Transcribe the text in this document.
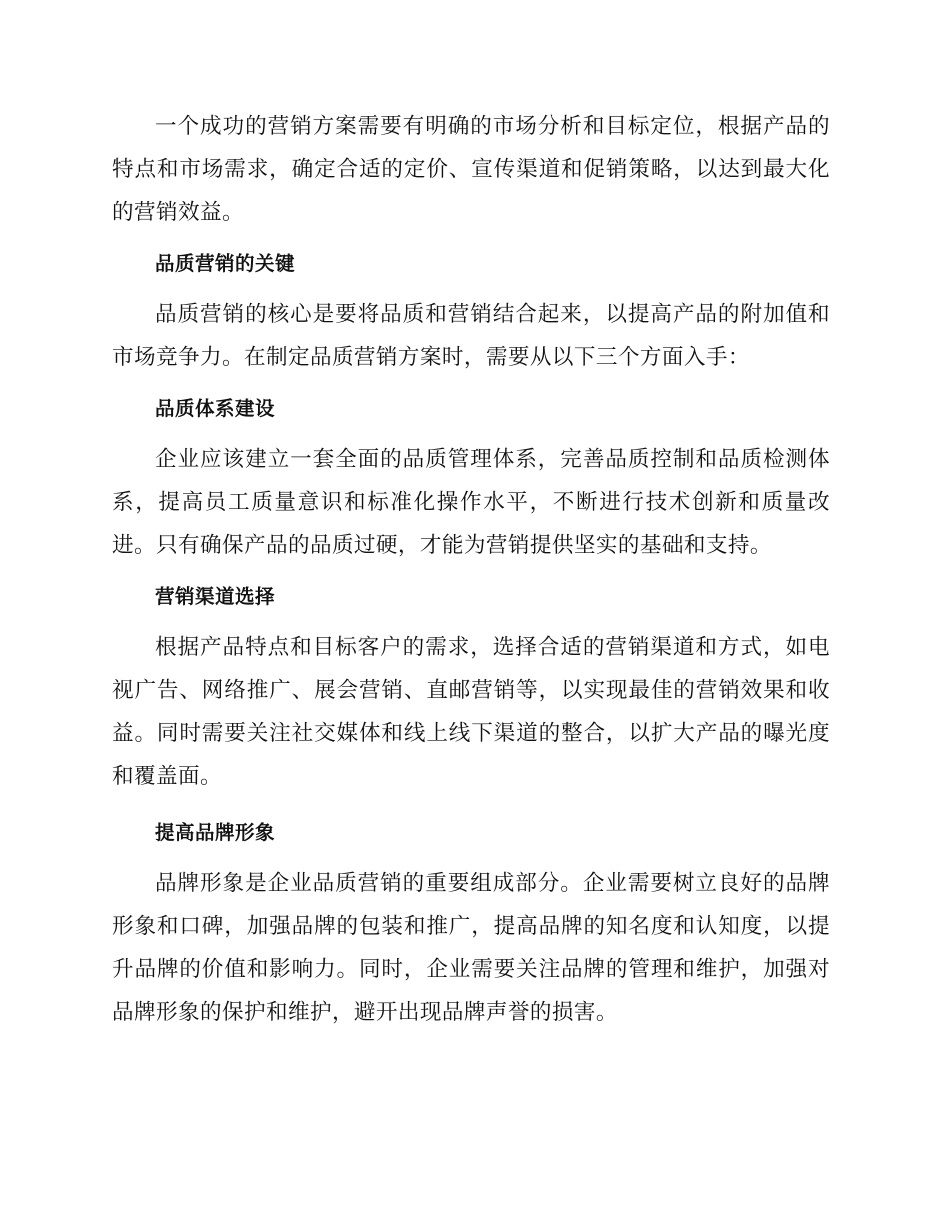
一个成功的营销方案需要有明确的市场分析和目标定位，根据产品的特点和市场需求，确定合适的定价、宣传渠道和促销策略，以达到最大化的营销效益。

品质营销的关键

品质营销的核心是要将品质和营销结合起来，以提高产品的附加值和市场竞争力。在制定品质营销方案时，需要从以下三个方面入手：

品质体系建设

企业应该建立一套全面的品质管理体系，完善品质控制和品质检测体系，提高员工质量意识和标准化操作水平，不断进行技术创新和质量改进。只有确保产品的品质过硬，才能为营销提供坚实的基础和支持。

营销渠道选择

根据产品特点和目标客户的需求，选择合适的营销渠道和方式，如电视广告、网络推广、展会营销、直邮营销等，以实现最佳的营销效果和收益。同时需要关注社交媒体和线上线下渠道的整合，以扩大产品的曝光度和覆盖面。

提高品牌形象

品牌形象是企业品质营销的重要组成部分。企业需要树立良好的品牌形象和口碑，加强品牌的包装和推广，提高品牌的知名度和认知度，以提升品牌的价值和影响力。同时，企业需要关注品牌的管理和维护，加强对品牌形象的保护和维护，避开出现品牌声誉的损害。
